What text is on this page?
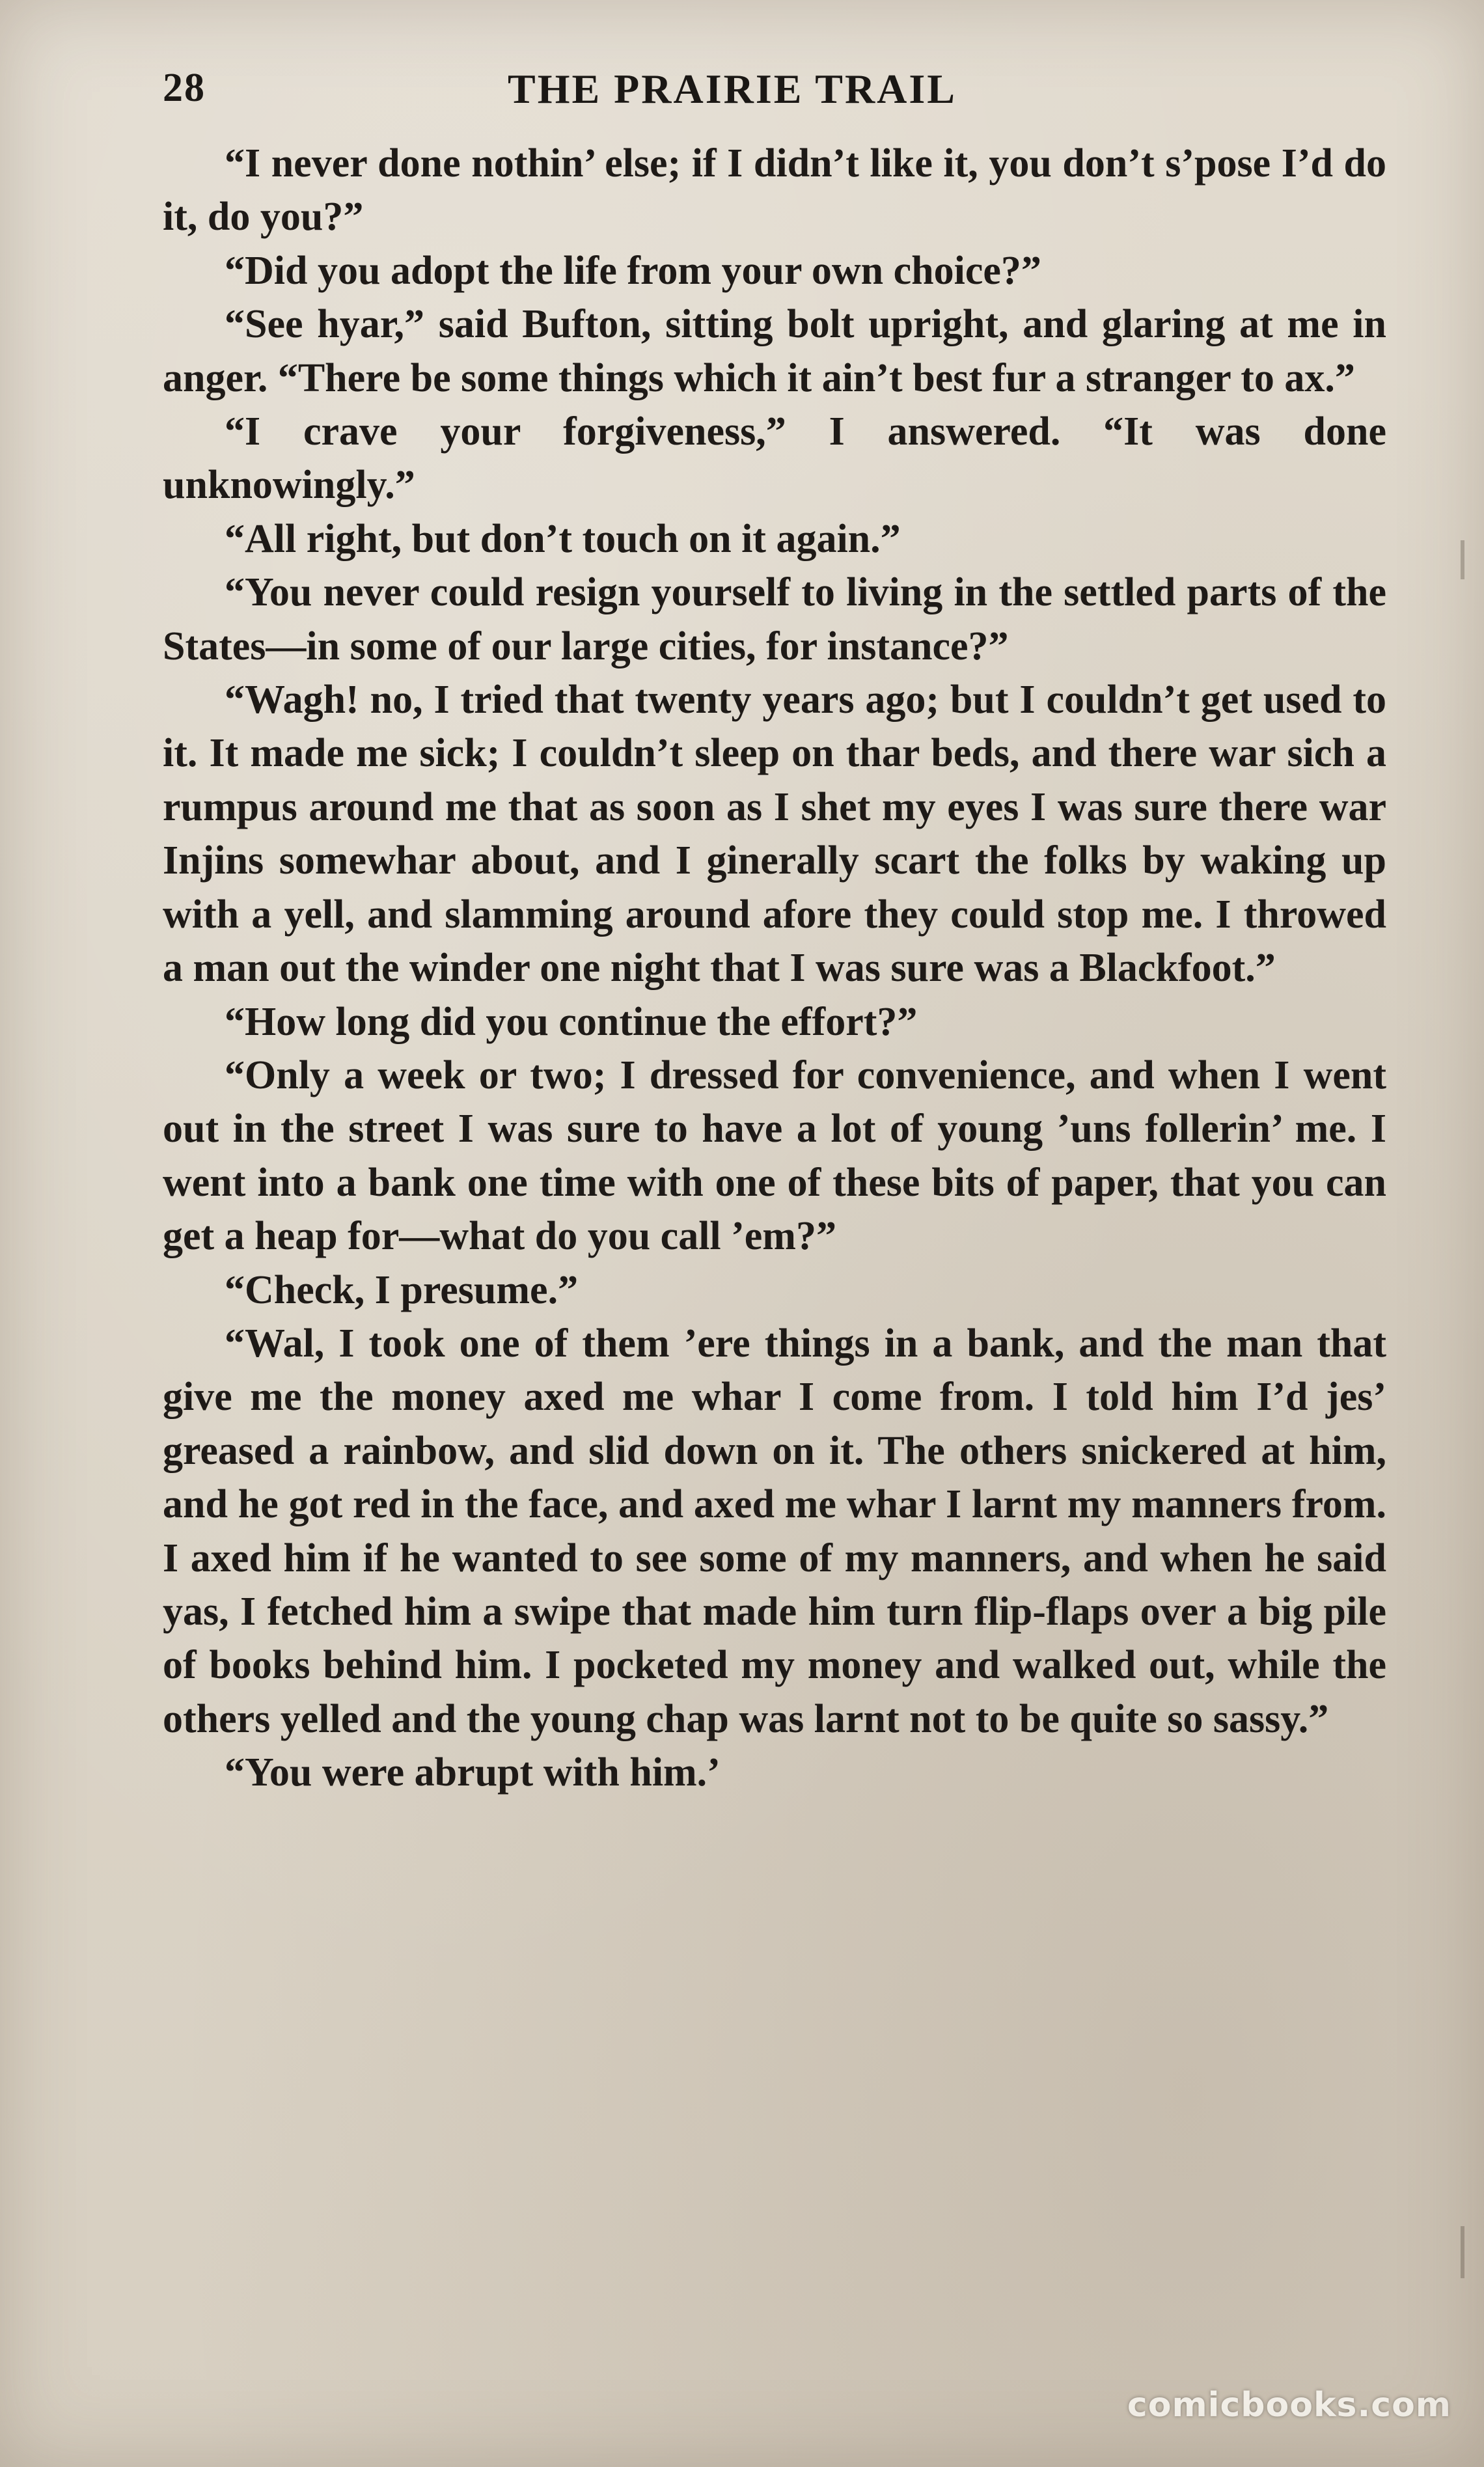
28	THE PRAIRIE TRAIL

“I never done nothin’ else; if I didn’t like it, you don’t s’pose I’d do it, do you?”

“Did you adopt the life from your own choice?”

“See hyar,” said Bufton, sitting bolt upright, and glaring at me in anger. “There be some things which it ain’t best fur a stranger to ax.”

“I crave your forgiveness,” I answered. “It was done unknowingly.”

“All right, but don’t touch on it again.”

“You never could resign yourself to living in the settled parts of the States—in some of our large cities, for instance?”

“Wagh! no, I tried that twenty years ago; but I couldn’t get used to it. It made me sick; I couldn’t sleep on thar beds, and there war sich a rumpus around me that as soon as I shet my eyes I was sure there war Injins somewhar about, and I ginerally scart the folks by waking up with a yell, and slamming around afore they could stop me. I throwed a man out the winder one night that I was sure was a Blackfoot.”

“How long did you continue the effort?”

“Only a week or two; I dressed for convenience, and when I went out in the street I was sure to have a lot of young ’uns follerin’ me. I went into a bank one time with one of these bits of paper, that you can get a heap for—what do you call ’em?”

“Check, I presume.”

“Wal, I took one of them ’ere things in a bank, and the man that give me the money axed me whar I come from. I told him I’d jes’ greased a rainbow, and slid down on it. The others snickered at him, and he got red in the face, and axed me whar I larnt my manners from. I axed him if he wanted to see some of my manners, and when he said yas, I fetched him a swipe that made him turn flip-flaps over a big pile of books behind him. I pocketed my money and walked out, while the others yelled and the young chap was larnt not to be quite so sassy.”

“You were abrupt with him.’

comicbooks.com
